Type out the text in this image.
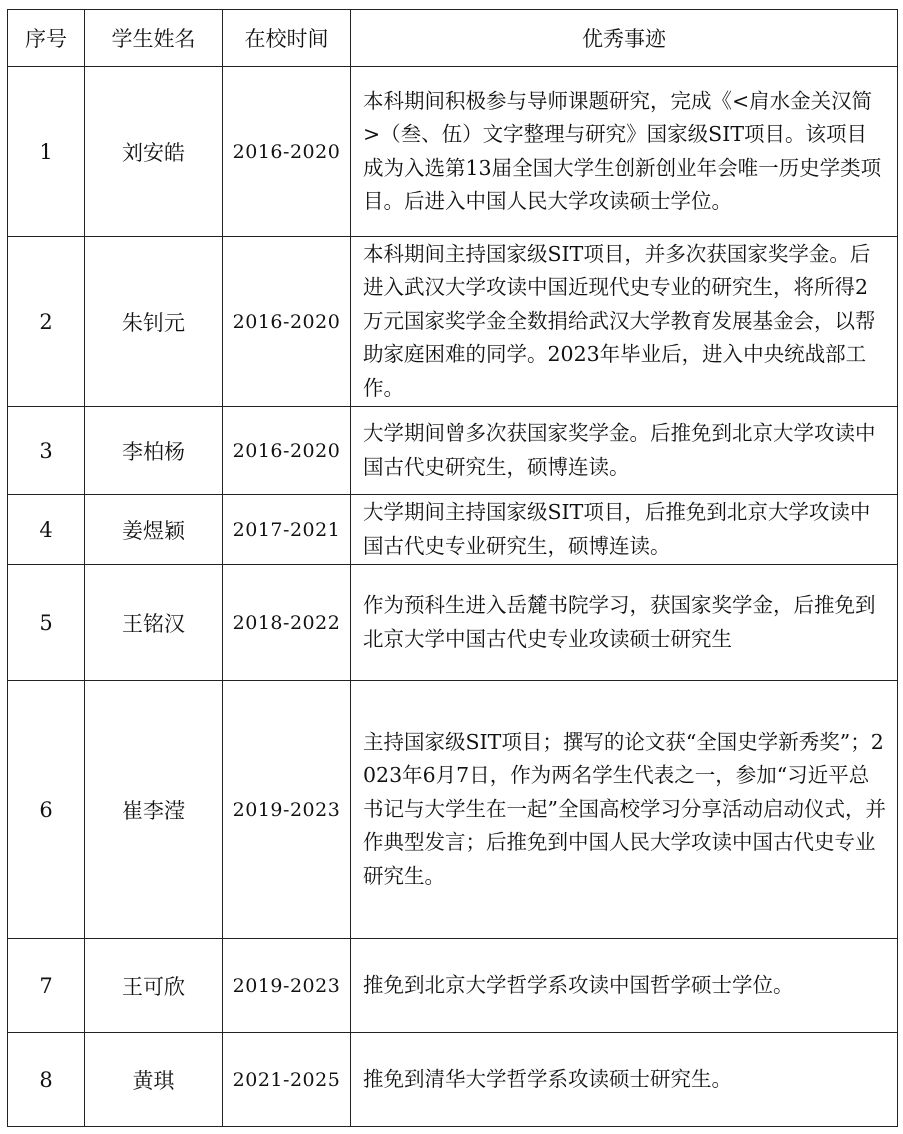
序号	学生姓名	在校时间	优秀事迹
1	刘安皓	2016-2020	本科期间积极参与导师课题研究，完成《<肩水金关汉简>（叁、伍）文字整理与研究》国家级SIT项目。该项目成为入选第13届全国大学生创新创业年会唯一历史学类项目。后进入中国人民大学攻读硕士学位。
2	朱钊元	2016-2020	本科期间主持国家级SIT项目，并多次获国家奖学金。后进入武汉大学攻读中国近现代史专业的研究生，将所得2万元国家奖学金全数捐给武汉大学教育发展基金会，以帮助家庭困难的同学。2023年毕业后，进入中央统战部工作。
3	李柏杨	2016-2020	大学期间曾多次获国家奖学金。后推免到北京大学攻读中国古代史研究生，硕博连读。
4	姜煜颖	2017-2021	大学期间主持国家级SIT项目，后推免到北京大学攻读中国古代史专业研究生，硕博连读。
5	王铭汉	2018-2022	作为预科生进入岳麓书院学习，获国家奖学金，后推免到北京大学中国古代史专业攻读硕士研究生
6	崔李滢	2019-2023	主持国家级SIT项目；撰写的论文获“全国史学新秀奖”；2023年6月7日，作为两名学生代表之一，参加“习近平总书记与大学生在一起”全国高校学习分享活动启动仪式，并作典型发言；后推免到中国人民大学攻读中国古代史专业研究生。
7	王可欣	2019-2023	推免到北京大学哲学系攻读中国哲学硕士学位。
8	黄琪	2021-2025	推免到清华大学哲学系攻读硕士研究生。
